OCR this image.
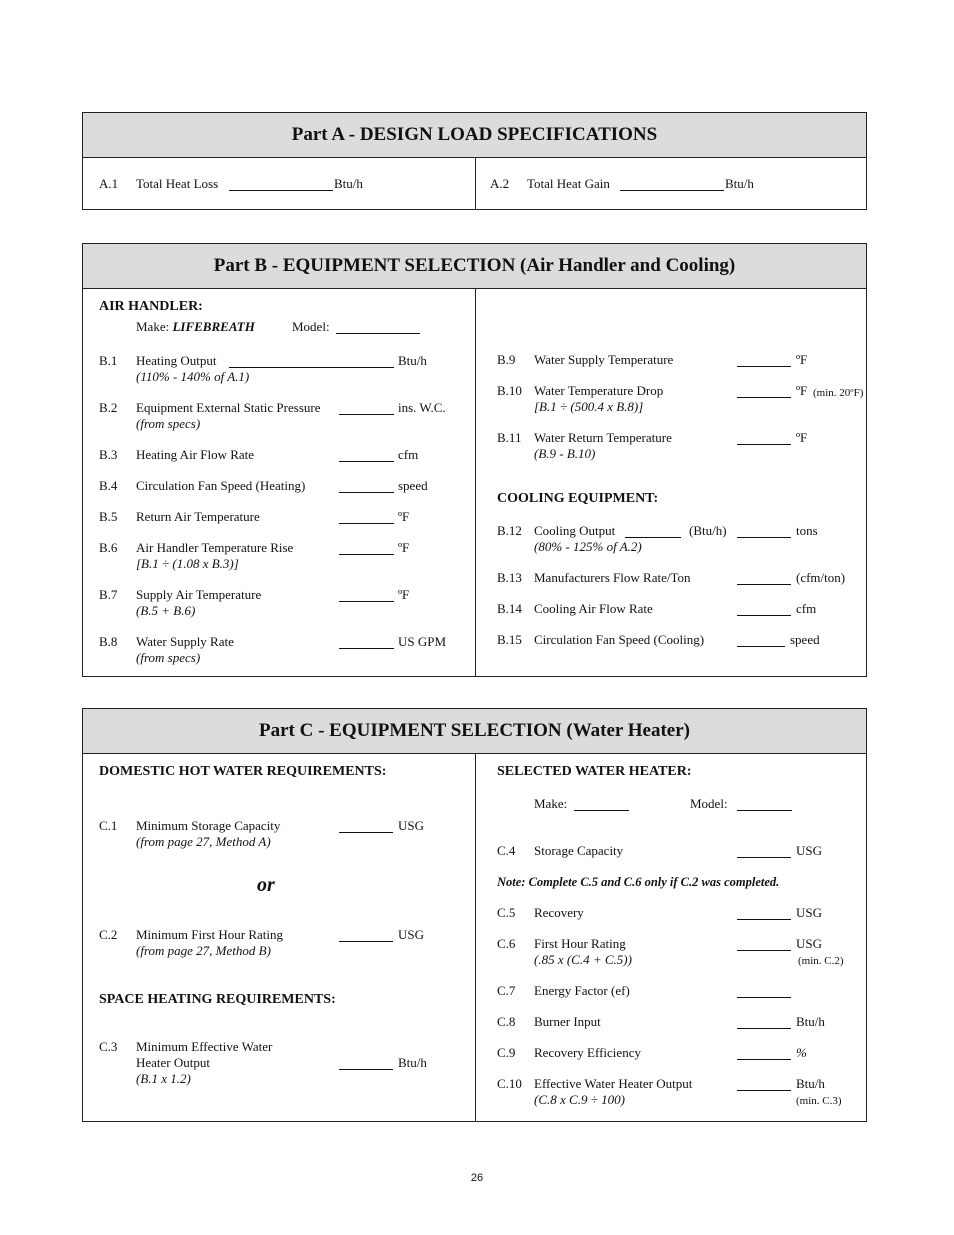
Part A - DESIGN LOAD SPECIFICATIONS
A.1 Total Heat Loss	Btu/h	A.2 Total Heat Gain	Btu/h
Part B - EQUIPMENT SELECTION (Air Handler and Cooling)
AIR HANDLER:
Make: LIFEBREATH	Model:
B.1 Heating Output	Btu/h
(110% - 140% of A.1)
B.2 Equipment External Static Pressure	ins. W.C.
(from specs)
B.3 Heating Air Flow Rate	cfm
B.4 Circulation Fan Speed (Heating)	speed
B.5 Return Air Temperature	ºF
B.6 Air Handler Temperature Rise	ºF
[B.1 ÷ (1.08 x B.3)]
B.7 Supply Air Temperature	ºF
(B.5 + B.6)
B.8 Water Supply Rate	US GPM
(from specs)
B.9 Water Supply Temperature	ºF
B.10 Water Temperature Drop	ºF (min. 20ºF)
[B.1 ÷ (500.4 x B.8)]
B.11 Water Return Temperature	ºF
(B.9 - B.10)
COOLING EQUIPMENT:
B.12 Cooling Output	(Btu/h)	tons
(80% - 125% of A.2)
B.13 Manufacturers Flow Rate/Ton	(cfm/ton)
B.14 Cooling Air Flow Rate	cfm
B.15 Circulation Fan Speed (Cooling)	speed
Part C - EQUIPMENT SELECTION (Water Heater)
DOMESTIC HOT WATER REQUIREMENTS:
C.1 Minimum Storage Capacity	USG
(from page 27, Method A)
or
C.2 Minimum First Hour Rating	USG
(from page 27, Method B)
SPACE HEATING REQUIREMENTS:
C.3 Minimum Effective Water
Heater Output	Btu/h
(B.1 x 1.2)
SELECTED WATER HEATER:
Make:	Model:
C.4 Storage Capacity	USG
Note: Complete C.5 and C.6 only if C.2 was completed.
C.5 Recovery	USG
C.6 First Hour Rating	USG
(.85 x (C.4 + C.5))	(min. C.2)
C.7 Energy Factor (ef)
C.8 Burner Input	Btu/h
C.9 Recovery Efficiency	%
C.10 Effective Water Heater Output	Btu/h
(C.8 x C.9 ÷ 100)	(min. C.3)
26
